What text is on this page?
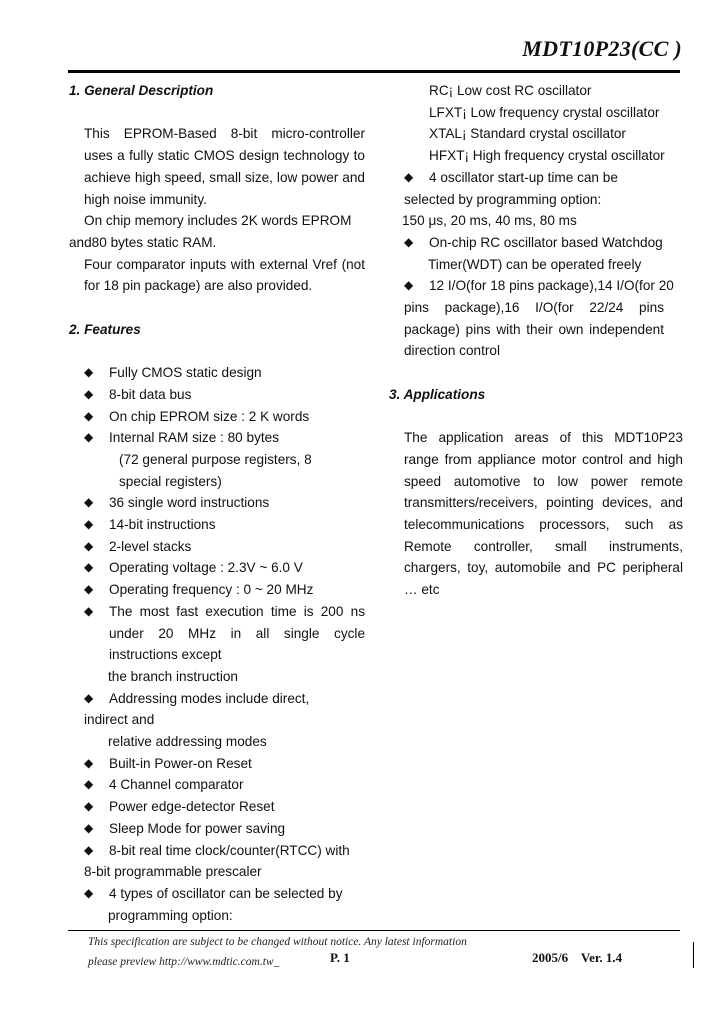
MDT10P23(CC )

1. General Description

This EPROM-Based 8-bit micro-controller uses a fully static CMOS design technology to achieve high speed, small size, low power and high noise immunity.

On chip memory includes 2K words EPROM

and80 bytes static RAM.

Four comparator inputs with external Vref (not for 18 pin package) are also provided.

2. Features

◆ Fully CMOS static design
◆ 8-bit data bus
◆ On chip EPROM size : 2 K words
◆ Internal RAM size : 80 bytes
(72 general purpose registers, 8
special registers)
◆ 36 single word instructions
◆ 14-bit instructions
◆ 2-level stacks
◆ Operating voltage : 2.3V ~ 6.0 V
◆ Operating frequency : 0 ~ 20 MHz
◆ The most fast execution time is 200 ns under 20 MHz in all single cycle instructions except
the branch instruction
◆ Addressing modes include direct,
indirect and
relative addressing modes
◆ Built-in Power-on Reset
◆ 4 Channel comparator
◆ Power edge-detector Reset
◆ Sleep Mode for power saving
◆ 8-bit real time clock/counter(RTCC) with
8-bit programmable prescaler
◆ 4 types of oscillator can be selected by
programming option:
RC¡ Low cost RC oscillator
LFXT¡ Low frequency crystal oscillator
XTAL¡ Standard crystal oscillator
HFXT¡ High frequency crystal oscillator
◆ 4 oscillator start-up time can be
selected by programming option:
150 μs, 20 ms, 40 ms, 80 ms
◆ On-chip RC oscillator based Watchdog
Timer(WDT) can be operated freely
◆ 12 I/O(for 18 pins package),14 I/O(for 20
pins package),16 I/O(for 22/24 pins package) pins with their own independent direction control

3. Applications

The application areas of this MDT10P23 range from appliance motor control and high speed automotive to low power remote transmitters/receivers, pointing devices, and telecommunications processors, such as Remote controller, small instruments, chargers, toy, automobile and PC peripheral … etc
This specification are subject to be changed without notice. Any latest information
please preview http://www.mdtic.com.tw_	P. 1	2005/6    Ver. 1.4
